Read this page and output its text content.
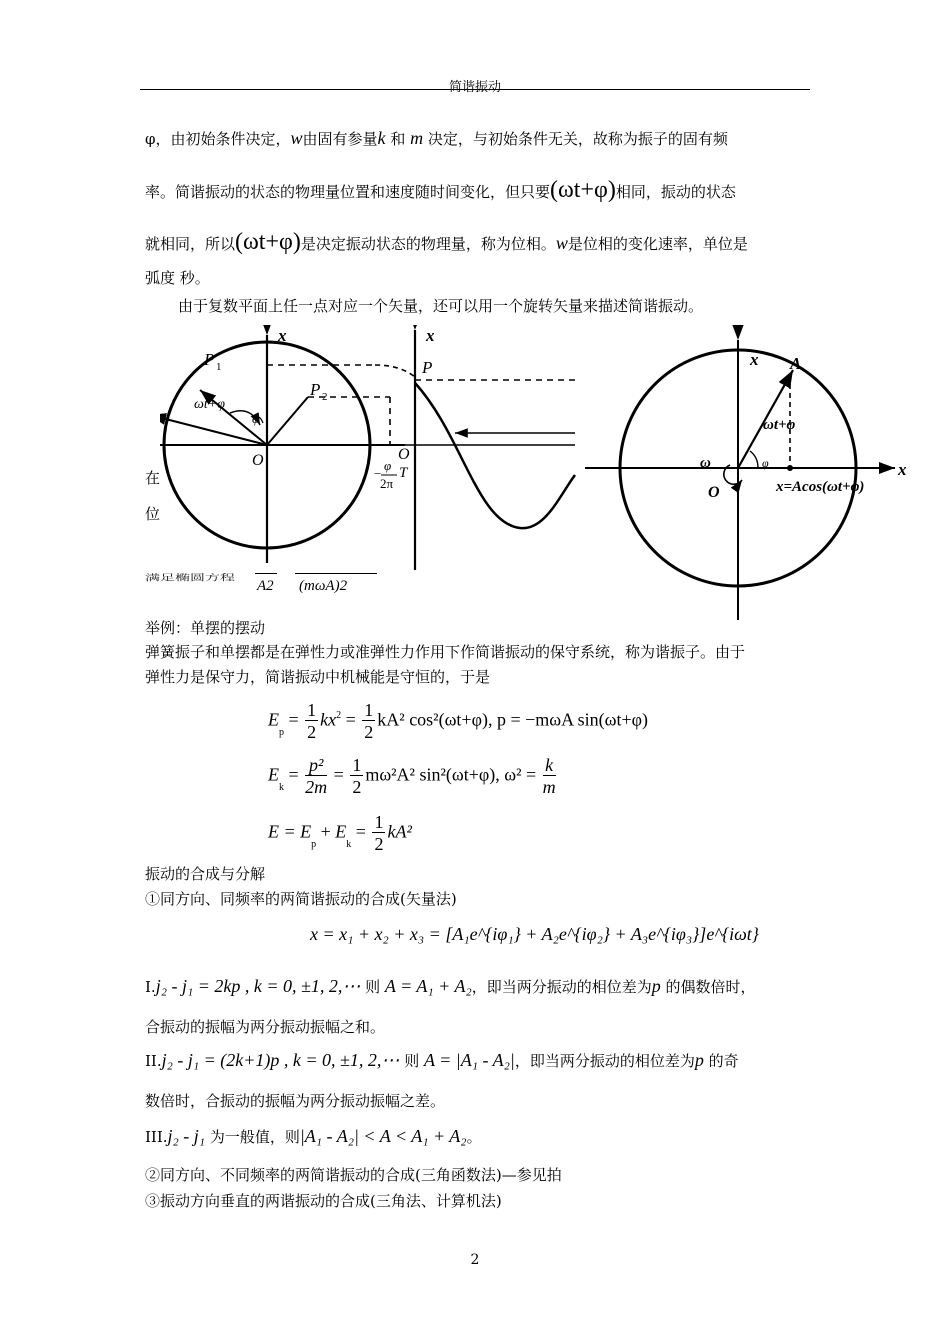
简谐振动
φ，由初始条件决定，w由固有参量k 和 m 决定，与初始条件无关，故称为振子的固有频
率。简谐振动的状态的物理量位置和速度随时间变化，但只要(ωt+φ)相同，振动的状态
就相同，所以(ωt+φ)是决定振动状态的物理量，称为位相。w是位相的变化速率，单位是
弧度 秒。
由于复数平面上任一点对应一个矢量，还可以用一个旋转矢量来描述简谐振动。
在
位
满足椭圆方程
A2 (mωA)2
x	x
x
x
P 1
P 2
P
O	O
O
ωt+φ
φ
−
φ
2π
T
ω
A
ωt+φ
φ
x=Acos(ωt+φ)
举例：单摆的摆动
弹簧振子和单摆都是在弹性力或准弹性力作用下作简谐振动的保守系统，称为谐振子。由于
弹性力是保守力，简谐振动中机械能是守恒的，于是
$E_p = \frac{1}{2} kx^2 = \frac{1}{2} kA^2$ cos²(ωt+φ), p = −mωA sin(ωt+φ)
$E_k = \frac{\text{p²}}{2m} = \frac{1}{2} m\omega^2A^2$ sin²(ωt+φ), $\omega^2 = \frac{k}{m}$
$E = E_p + E_k = \frac{1}{2} kA^2$
振动的合成与分解
①同方向、同频率的两简谐振动的合成(矢量法)
x = x₁ + x₂ + x₃ = [A₁e^{iφ₁} + A₂e^{iφ₂} + A₃e^{iφ₃}]e^{iωt}
I.j₂ - j₁ = 2kp , k = 0, ±1, 2,⋯ 则 A = A₁ + A₂，即当两分振动的相位差为p 的偶数倍时，
合振动的振幅为两分振动振幅之和。
II.j₂ - j₁ = (2k+1)p , k = 0, ±1, 2,⋯ 则 A = |A₁ - A₂|，即当两分振动的相位差为p 的奇
数倍时，合振动的振幅为两分振动振幅之差。
III.j₂ - j₁ 为一般值，则|A₁ - A₂| < A < A₁ + A₂。
②同方向、不同频率的两简谐振动的合成(三角函数法)—参见拍
③振动方向垂直的两谐振动的合成(三角法、计算机法)
2
